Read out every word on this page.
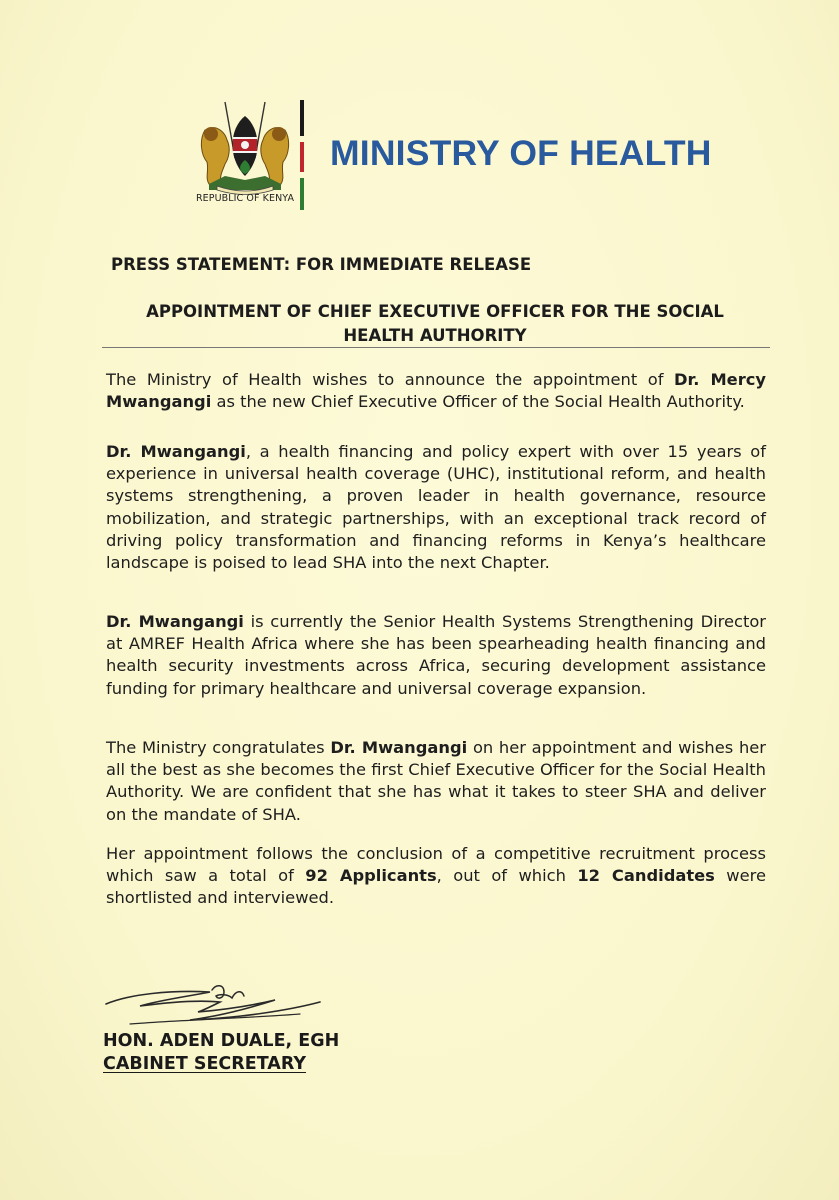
REPUBLIC OF KENYA
MINISTRY OF HEALTH
PRESS STATEMENT: FOR IMMEDIATE RELEASE
APPOINTMENT OF CHIEF EXECUTIVE OFFICER FOR THE SOCIAL
HEALTH AUTHORITY
The Ministry of Health wishes to announce the appointment of Dr. Mercy Mwangangi as the new Chief Executive Officer of the Social Health Authority.
Dr. Mwangangi, a health financing and policy expert with over 15 years of experience in universal health coverage (UHC), institutional reform, and health systems strengthening, a proven leader in health governance, resource mobilization, and strategic partnerships, with an exceptional track record of driving policy transformation and financing reforms in Kenya’s healthcare landscape is poised to lead SHA into the next Chapter.
Dr. Mwangangi is currently the Senior Health Systems Strengthening Director at AMREF Health Africa where she has been spearheading health financing and health security investments across Africa, securing development assistance funding for primary healthcare and universal coverage expansion.
The Ministry congratulates Dr. Mwangangi on her appointment and wishes her all the best as she becomes the first Chief Executive Officer for the Social Health Authority. We are confident that she has what it takes to steer SHA and deliver on the mandate of SHA.
Her appointment follows the conclusion of a competitive recruitment process which saw a total of 92 Applicants, out of which 12 Candidates were shortlisted and interviewed.
HON. ADEN DUALE, EGH
CABINET SECRETARY
